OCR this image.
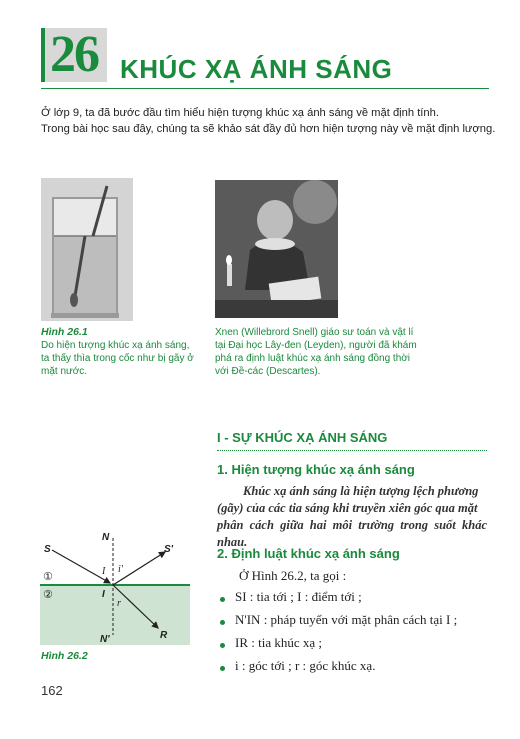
26 KHÚC XẠ ÁNH SÁNG
Ở lớp 9, ta đã bước đầu tìm hiểu hiện tượng khúc xạ ánh sáng về mặt định tính.
Trong bài học sau đây, chúng ta sẽ khảo sát đầy đủ hơn hiện tượng này về mặt định lượng.
Hình 26.1
Do hiện tượng khúc xạ ánh sáng,
ta thấy thìa trong cốc như bị gãy ở
mặt nước.
Xnen (Willebrord Snell) giáo sư toán và vật lí
tại Đại học Lây-đen (Leyden), người đã khám
phá ra định luật khúc xạ ánh sáng đồng thời
với Đề-các (Descartes).
I - SỰ KHÚC XẠ ÁNH SÁNG
1. Hiện tượng khúc xạ ánh sáng
Khúc xạ ánh sáng là hiện tượng lệch phương
(gãy) của các tia sáng khi truyền xiên góc qua mặt
phân cách giữa hai môi trường trong suốt khác nhau.
2. Định luật khúc xạ ánh sáng
Ở Hình 26.2, ta gọi :
SI : tia tới ; I : điểm tới ;
N'IN : pháp tuyến với mặt phân cách tại I ;
IR : tia khúc xạ ;
i : góc tới ; r : góc khúc xạ.
S
N
S'
①
②
I i'
I
r
N'	R
Hình 26.2
162
